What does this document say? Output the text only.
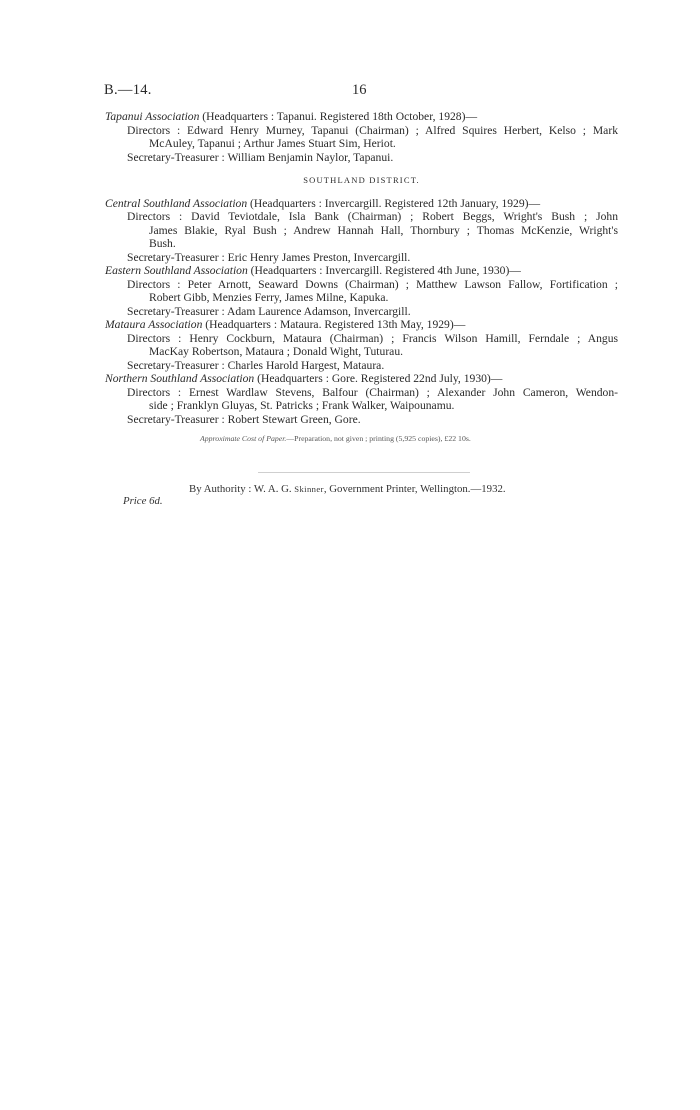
B.—14.	16
Tapanui Association (Headquarters : Tapanui. Registered 18th October, 1928)—
Directors : Edward Henry Murney, Tapanui (Chairman) ; Alfred Squires Herbert, Kelso ; Mark
McAuley, Tapanui ; Arthur James Stuart Sim, Heriot.
Secretary-Treasurer : William Benjamin Naylor, Tapanui.
SOUTHLAND DISTRICT.
Central Southland Association (Headquarters : Invercargill. Registered 12th January, 1929)—
Directors : David Teviotdale, Isla Bank (Chairman) ; Robert Beggs, Wright's Bush ; John
James Blakie, Ryal Bush ; Andrew Hannah Hall, Thornbury ; Thomas McKenzie, Wright's
Bush.
Secretary-Treasurer : Eric Henry James Preston, Invercargill.
Eastern Southland Association (Headquarters : Invercargill. Registered 4th June, 1930)—
Directors : Peter Arnott, Seaward Downs (Chairman) ; Matthew Lawson Fallow, Fortification ;
Robert Gibb, Menzies Ferry, James Milne, Kapuka.
Secretary-Treasurer : Adam Laurence Adamson, Invercargill.
Mataura Association (Headquarters : Mataura. Registered 13th May, 1929)—
Directors : Henry Cockburn, Mataura (Chairman) ; Francis Wilson Hamill, Ferndale ; Angus
MacKay Robertson, Mataura ; Donald Wight, Tuturau.
Secretary-Treasurer : Charles Harold Hargest, Mataura.
Northern Southland Association (Headquarters : Gore. Registered 22nd July, 1930)—
Directors : Ernest Wardlaw Stevens, Balfour (Chairman) ; Alexander John Cameron, Wendon-
side ; Franklyn Gluyas, St. Patricks ; Frank Walker, Waipounamu.
Secretary-Treasurer : Robert Stewart Green, Gore.
Approximate Cost of Paper.—Preparation, not given ; printing (5,925 copies), £22 10s.
By Authority : W. A. G. Skinner, Government Printer, Wellington.—1932.
Price 6d.
